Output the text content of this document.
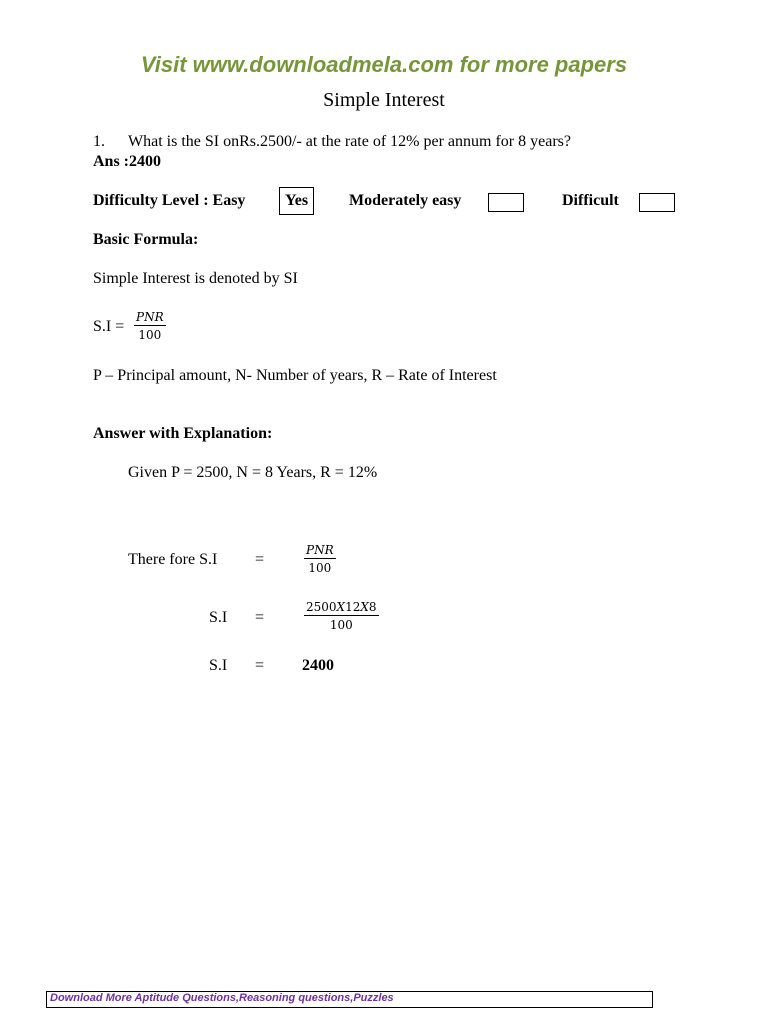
Visit www.downloadmela.com for more papers
Simple Interest
1. What is the SI onRs.2500/- at the rate of 12% per annum for 8 years?
Ans :2400
Difficulty Level : Easy	Yes	Moderately easy	Difficult
Basic Formula:
Simple Interest is denoted by SI
S.I =
PNR
100
P – Principal amount, N- Number of years, R – Rate of Interest
Answer with Explanation:
Given P = 2500, N = 8 Years, R = 12%
There fore S.I =
PNR
100
S.I =	$\frac{2500X12X8}{100}$
S.I = 2400
Download More Aptitude Questions,Reasoning questions,Puzzles
